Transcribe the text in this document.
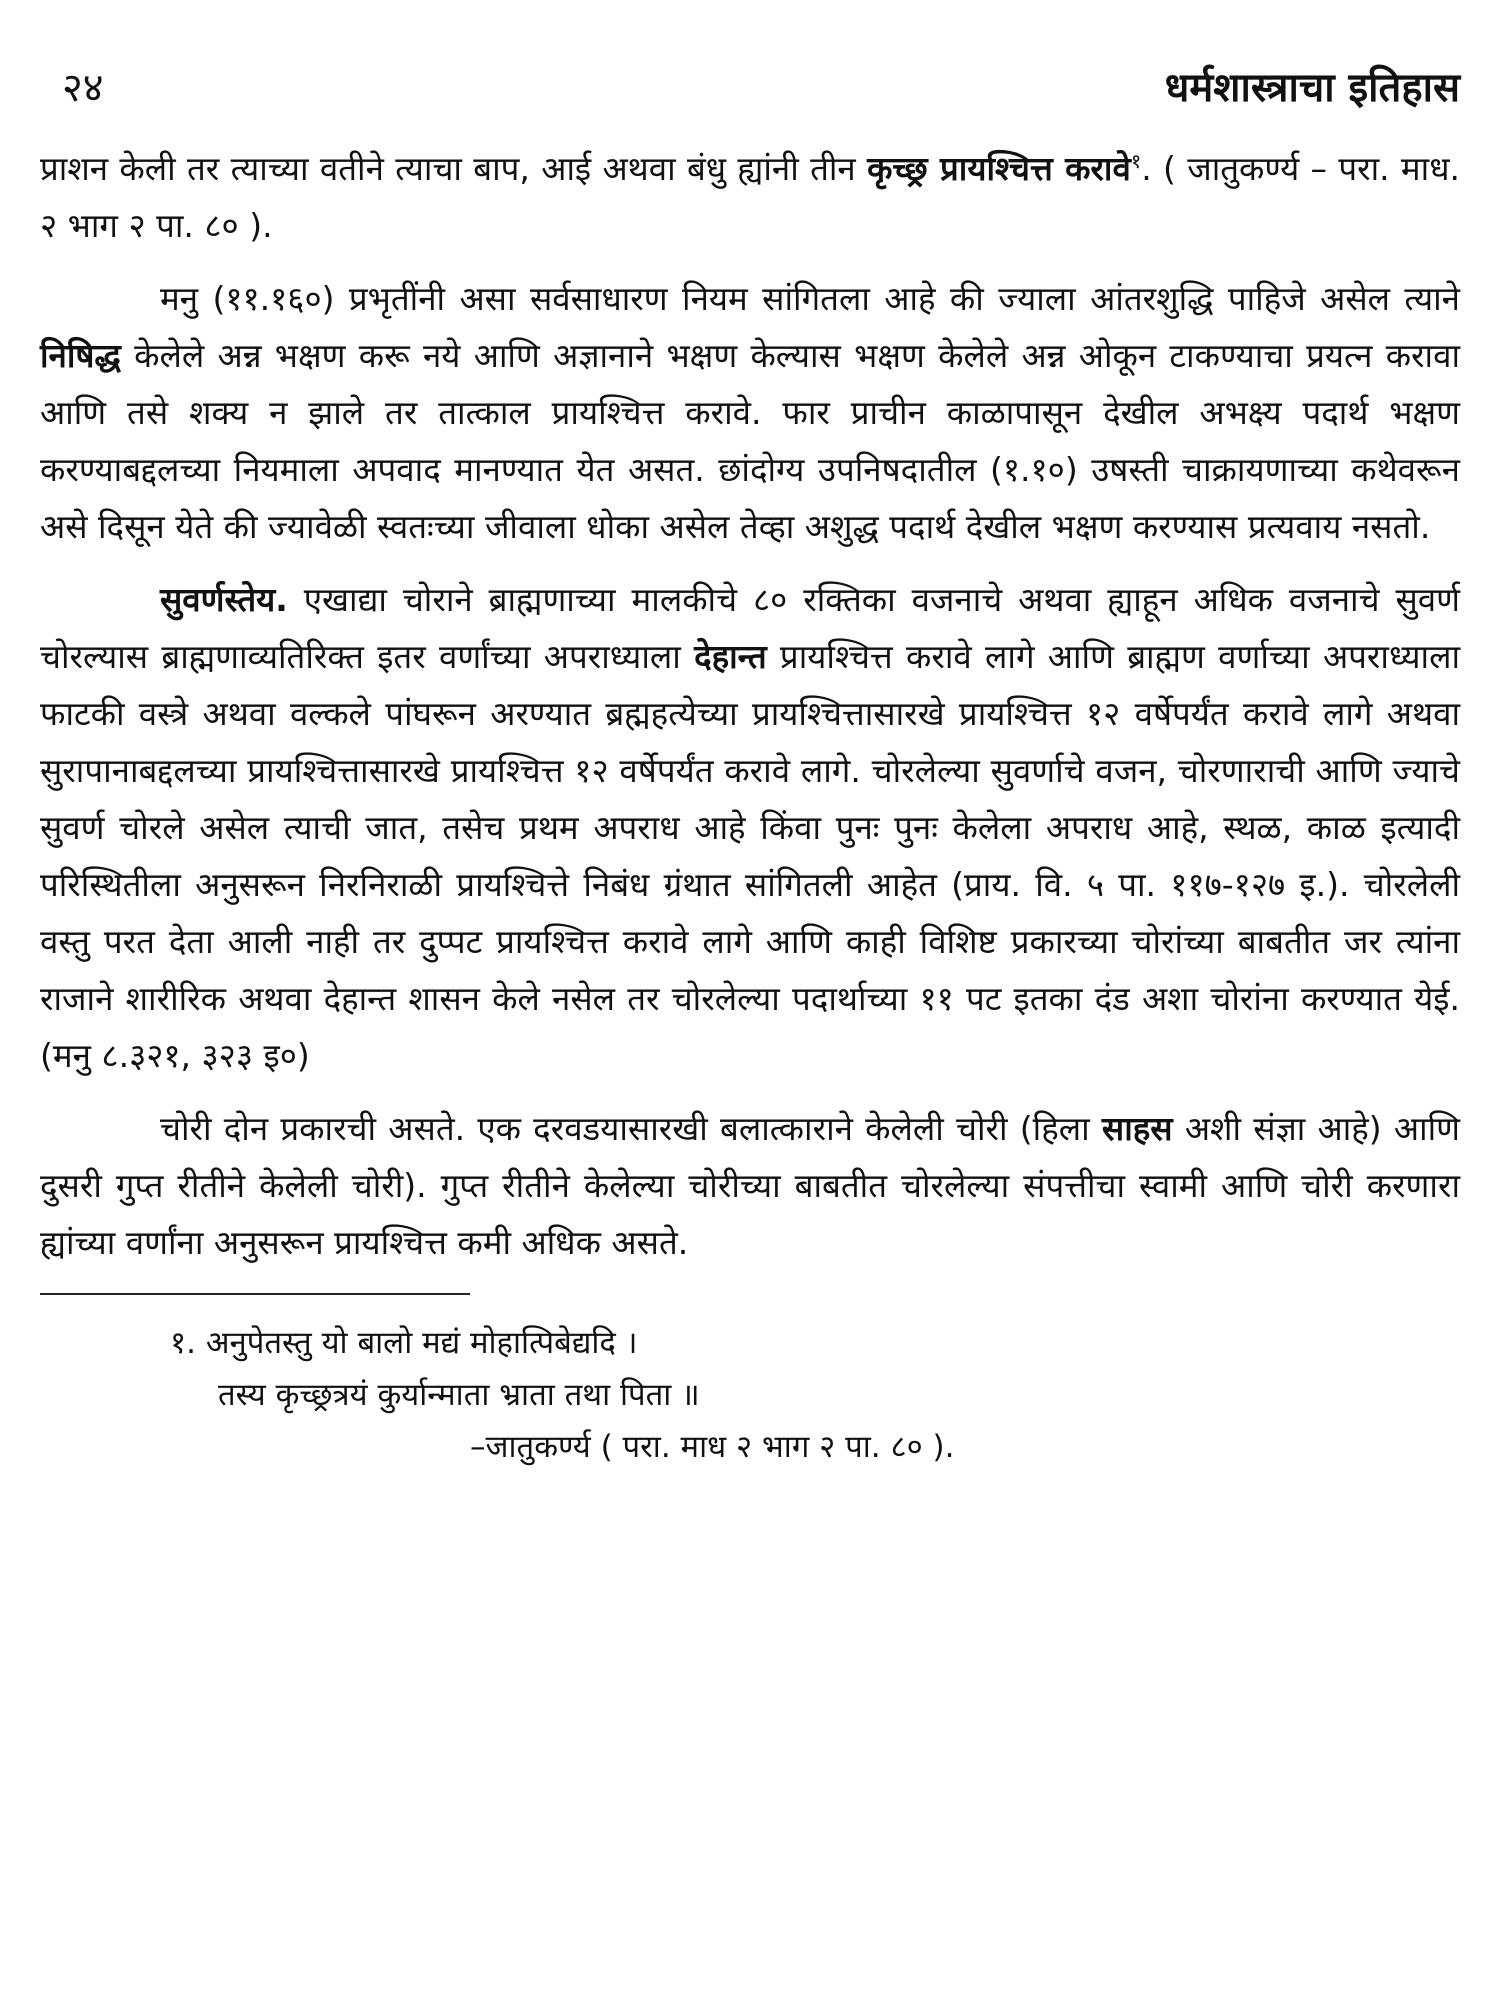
२४	धर्मशास्त्राचा इतिहास

प्राशन केली तर त्याच्या वतीने त्याचा बाप, आई अथवा बंधु ह्यांनी तीन कृच्छ्र प्रायश्चित्त करावे$^१$. ( जातुकर्ण्य – परा. माध. २ भाग २ पा. ८० ).

मनु (११.१६०) प्रभृतींनी असा सर्वसाधारण नियम सांगितला आहे की ज्याला आंतरशुद्धि पाहिजे असेल त्याने निषिद्ध केलेले अन्न भक्षण करू नये आणि अज्ञानाने भक्षण केल्यास भक्षण केलेले अन्न ओकून टाकण्याचा प्रयत्न करावा आणि तसे शक्य न झाले तर तात्काल प्रायश्चित्त करावे. फार प्राचीन काळापासून देखील अभक्ष्य पदार्थ भक्षण करण्याबद्दलच्या नियमाला अपवाद मानण्यात येत असत. छांदोग्य उपनिषदातील (१.१०) उषस्ती चाक्रायणाच्या कथेवरून असे दिसून येते की ज्यावेळी स्वतःच्या जीवाला धोका असेल तेव्हा अशुद्ध पदार्थ देखील भक्षण करण्यास प्रत्यवाय नसतो.

सुवर्णस्तेय. एखाद्या चोराने ब्राह्मणाच्या मालकीचे ८० रक्तिका वजनाचे अथवा ह्याहून अधिक वजनाचे सुवर्ण चोरल्यास ब्राह्मणाव्यतिरिक्त इतर वर्णांच्या अपराध्याला देहान्त प्रायश्चित्त करावे लागे आणि ब्राह्मण वर्णाच्या अपराध्याला फाटकी वस्त्रे अथवा वल्कले पांघरून अरण्यात ब्रह्महत्येच्या प्रायश्चित्तासारखे प्रायश्चित्त १२ वर्षेपर्यंत करावे लागे अथवा सुरापानाबद्दलच्या प्रायश्चित्तासारखे प्रायश्चित्त १२ वर्षेपर्यंत करावे लागे. चोरलेल्या सुवर्णाचे वजन, चोरणाराची आणि ज्याचे सुवर्ण चोरले असेल त्याची जात, तसेच प्रथम अपराध आहे किंवा पुनः पुनः केलेला अपराध आहे, स्थळ, काळ इत्यादी परिस्थितीला अनुसरून निरनिराळी प्रायश्चित्ते निबंध ग्रंथात सांगितली आहेत (प्राय. वि. ५ पा. ११७-१२७ इ.). चोरलेली वस्तु परत देता आली नाही तर दुप्पट प्रायश्चित्त करावे लागे आणि काही विशिष्ट प्रकारच्या चोरांच्या बाबतीत जर त्यांना राजाने शारीरिक अथवा देहान्त शासन केले नसेल तर चोरलेल्या पदार्थाच्या ११ पट इतका दंड अशा चोरांना करण्यात येई. (मनु ८.३२१, ३२३ इ०)

चोरी दोन प्रकारची असते. एक दरवडयासारखी बलात्काराने केलेली चोरी (हिला साहस अशी संज्ञा आहे) आणि दुसरी गुप्त रीतीने केलेली चोरी). गुप्त रीतीने केलेल्या चोरीच्या बाबतीत चोरलेल्या संपत्तीचा स्वामी आणि चोरी करणारा ह्यांच्या वर्णांना अनुसरून प्रायश्चित्त कमी अधिक असते.

१. अनुपेतस्तु यो बालो मद्यं मोहात्पिबेद्यदि ।
तस्य कृच्छ्रत्रयं कुर्यान्माता भ्राता तथा पिता ॥
–जातुकर्ण्य ( परा. माध २ भाग २ पा. ८० ).
